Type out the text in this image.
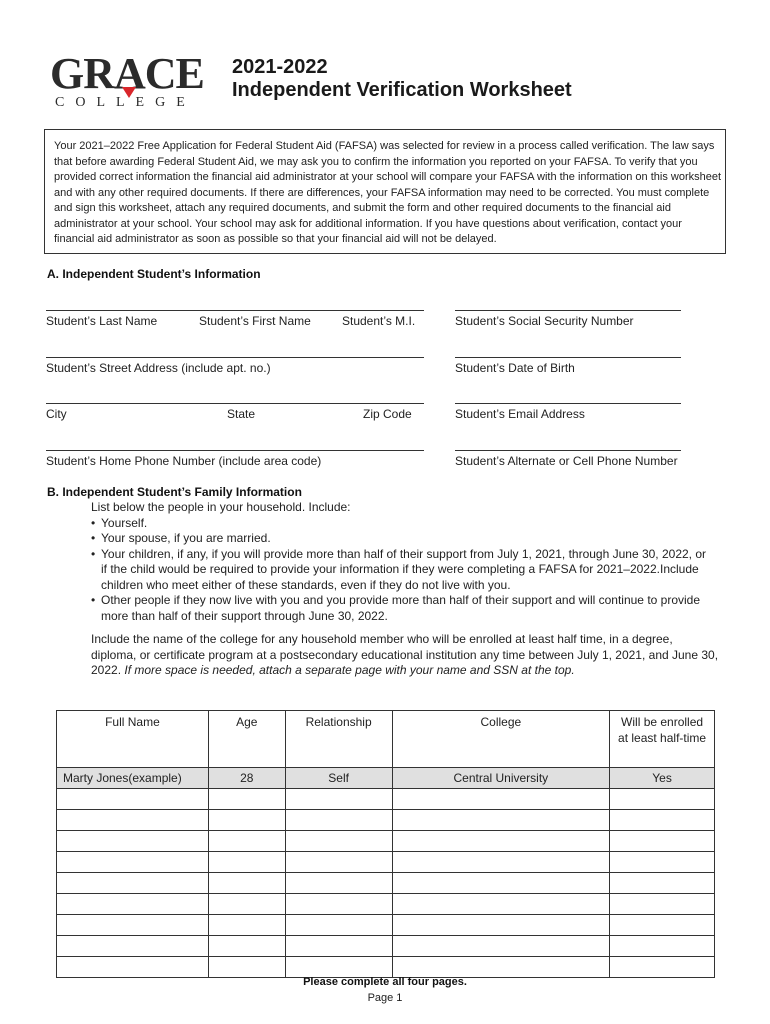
GRACE
COLLEGE
2021-2022
Independent Verification Worksheet
Your 2021–2022 Free Application for Federal Student Aid (FAFSA) was selected for review in a process called verification. The law says that before awarding Federal Student Aid, we may ask you to confirm the information you reported on your FAFSA. To verify that you provided correct information the financial aid administrator at your school will compare your FAFSA with the information on this worksheet and with any other required documents. If there are differences, your FAFSA information may need to be corrected. You must complete and sign this worksheet, attach any required documents, and submit the form and other required documents to the financial aid administrator at your school. Your school may ask for additional information. If you have questions about verification, contact your financial aid administrator as soon as possible so that your financial aid will not be delayed.
A. Independent Student’s Information
Student’s Last Name	Student’s First Name	Student’s M.I.	Student’s Social Security Number
Student’s Street Address (include apt. no.)	Student’s Date of Birth
City	State	Zip Code	Student’s Email Address
Student’s Home Phone Number (include area code)	Student’s Alternate or Cell Phone Number
B. Independent Student’s Family Information
List below the people in your household. Include:
• Yourself.
• Your spouse, if you are married.
• Your children, if any, if you will provide more than half of their support from July 1, 2021, through June 30, 2022, or if the child would be required to provide your information if they were completing a FAFSA for 2021–2022.Include children who meet either of these standards, even if they do not live with you.
• Other people if they now live with you and you provide more than half of their support and will continue to provide more than half of their support through June 30, 2022.
Include the name of the college for any household member who will be enrolled at least half time, in a degree, diploma, or certificate program at a postsecondary educational institution any time between July 1, 2021, and June 30, 2022. If more space is needed, attach a separate page with your name and SSN at the top.
Full Name	Age	Relationship	College	Will be enrolled at least half-time
Marty Jones(example)	28	Self	Central University	Yes

Please complete all four pages.
Page 1
